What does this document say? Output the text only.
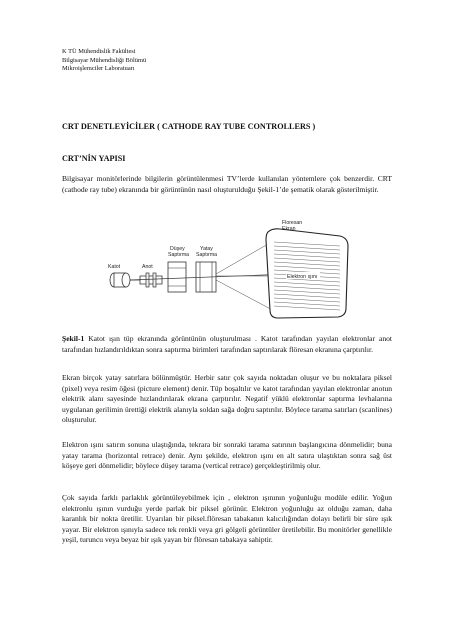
K TÜ Mühendislik Fakültesi
Bilgisayar Mühendisliği Bölümü
Mikroişlemciler Laboratuarı
CRT DENETLEYİCİLER ( CATHODE RAY TUBE CONTROLLERS )
CRT’NİN YAPISI

Bilgisayar monitörlerinde bilgilerin görüntülenmesi TV’lerde kullanılan yöntemlere çok benzerdir. CRT (cathode ray tube) ekranında bir görüntünün nasıl oluşturulduğu Şekil-1’de şematik olarak gösterilmiştir.

Floresan
Ekran
Düşey
Saptırma
Yatay
Saptırma
Katot	Anot
Elektron ışını

Şekil-1 Katot ışın tüp ekranında görüntünün oluşturulması . Katot tarafından yayılan elektronlar anot tarafından hızlandırıldıktan sonra saptırma birimleri tarafından saptırılarak flöresan ekranına çarptırılır.

Ekran birçok yatay satırlara bölünmüştür. Herbir satır çok sayıda noktadan oluşur ve bu noktalara piksel (pixel) veya resim öğesi (picture element) denir. Tüp boşaltılır ve katot tarafından yayılan elektronlar anotun elektrik alanı sayesinde hızlandırılarak ekrana çarptırılır. Negatif yüklü elektronlar saptırma levhalarına uygulanan gerilimin ürettiği elektrik alanıyla soldan sağa doğru saptırılır. Böylece tarama satırları (scanlines) oluşturulur.

Elektron ışını satırın sonuna ulaştığında, tekrara bir sonraki tarama satırının başlangıcına dönmelidir; buna yatay tarama (horizontal retrace) denir. Aynı şekilde, elektron ışını en alt satıra ulaştıktan sonra sağ üst köşeye geri dönmelidir; böylece düşey tarama (vertical retrace) gerçekleştirilmiş olur.

Çok sayıda farklı parlaklık görüntüleyebilmek için , elektron ışınının yoğunluğu modüle edilir. Yoğun elektronlu ışının vurduğu yerde parlak bir piksel görünür. Elektron yoğunluğu az olduğu zaman, daha karanlık bir nokta üretilir. Uyarılan bir piksel.flöresan tabakanın kalıcılığından dolayı belirli bir süre ışık yayar. Bir elektron ışınıyla sadece tek renkli veya gri gölgeli görüntüler üretilebilir. Bu monitörler genellikle yeşil, turuncu veya beyaz bir ışık yayan bir flöresan tabakaya sahiptir.
